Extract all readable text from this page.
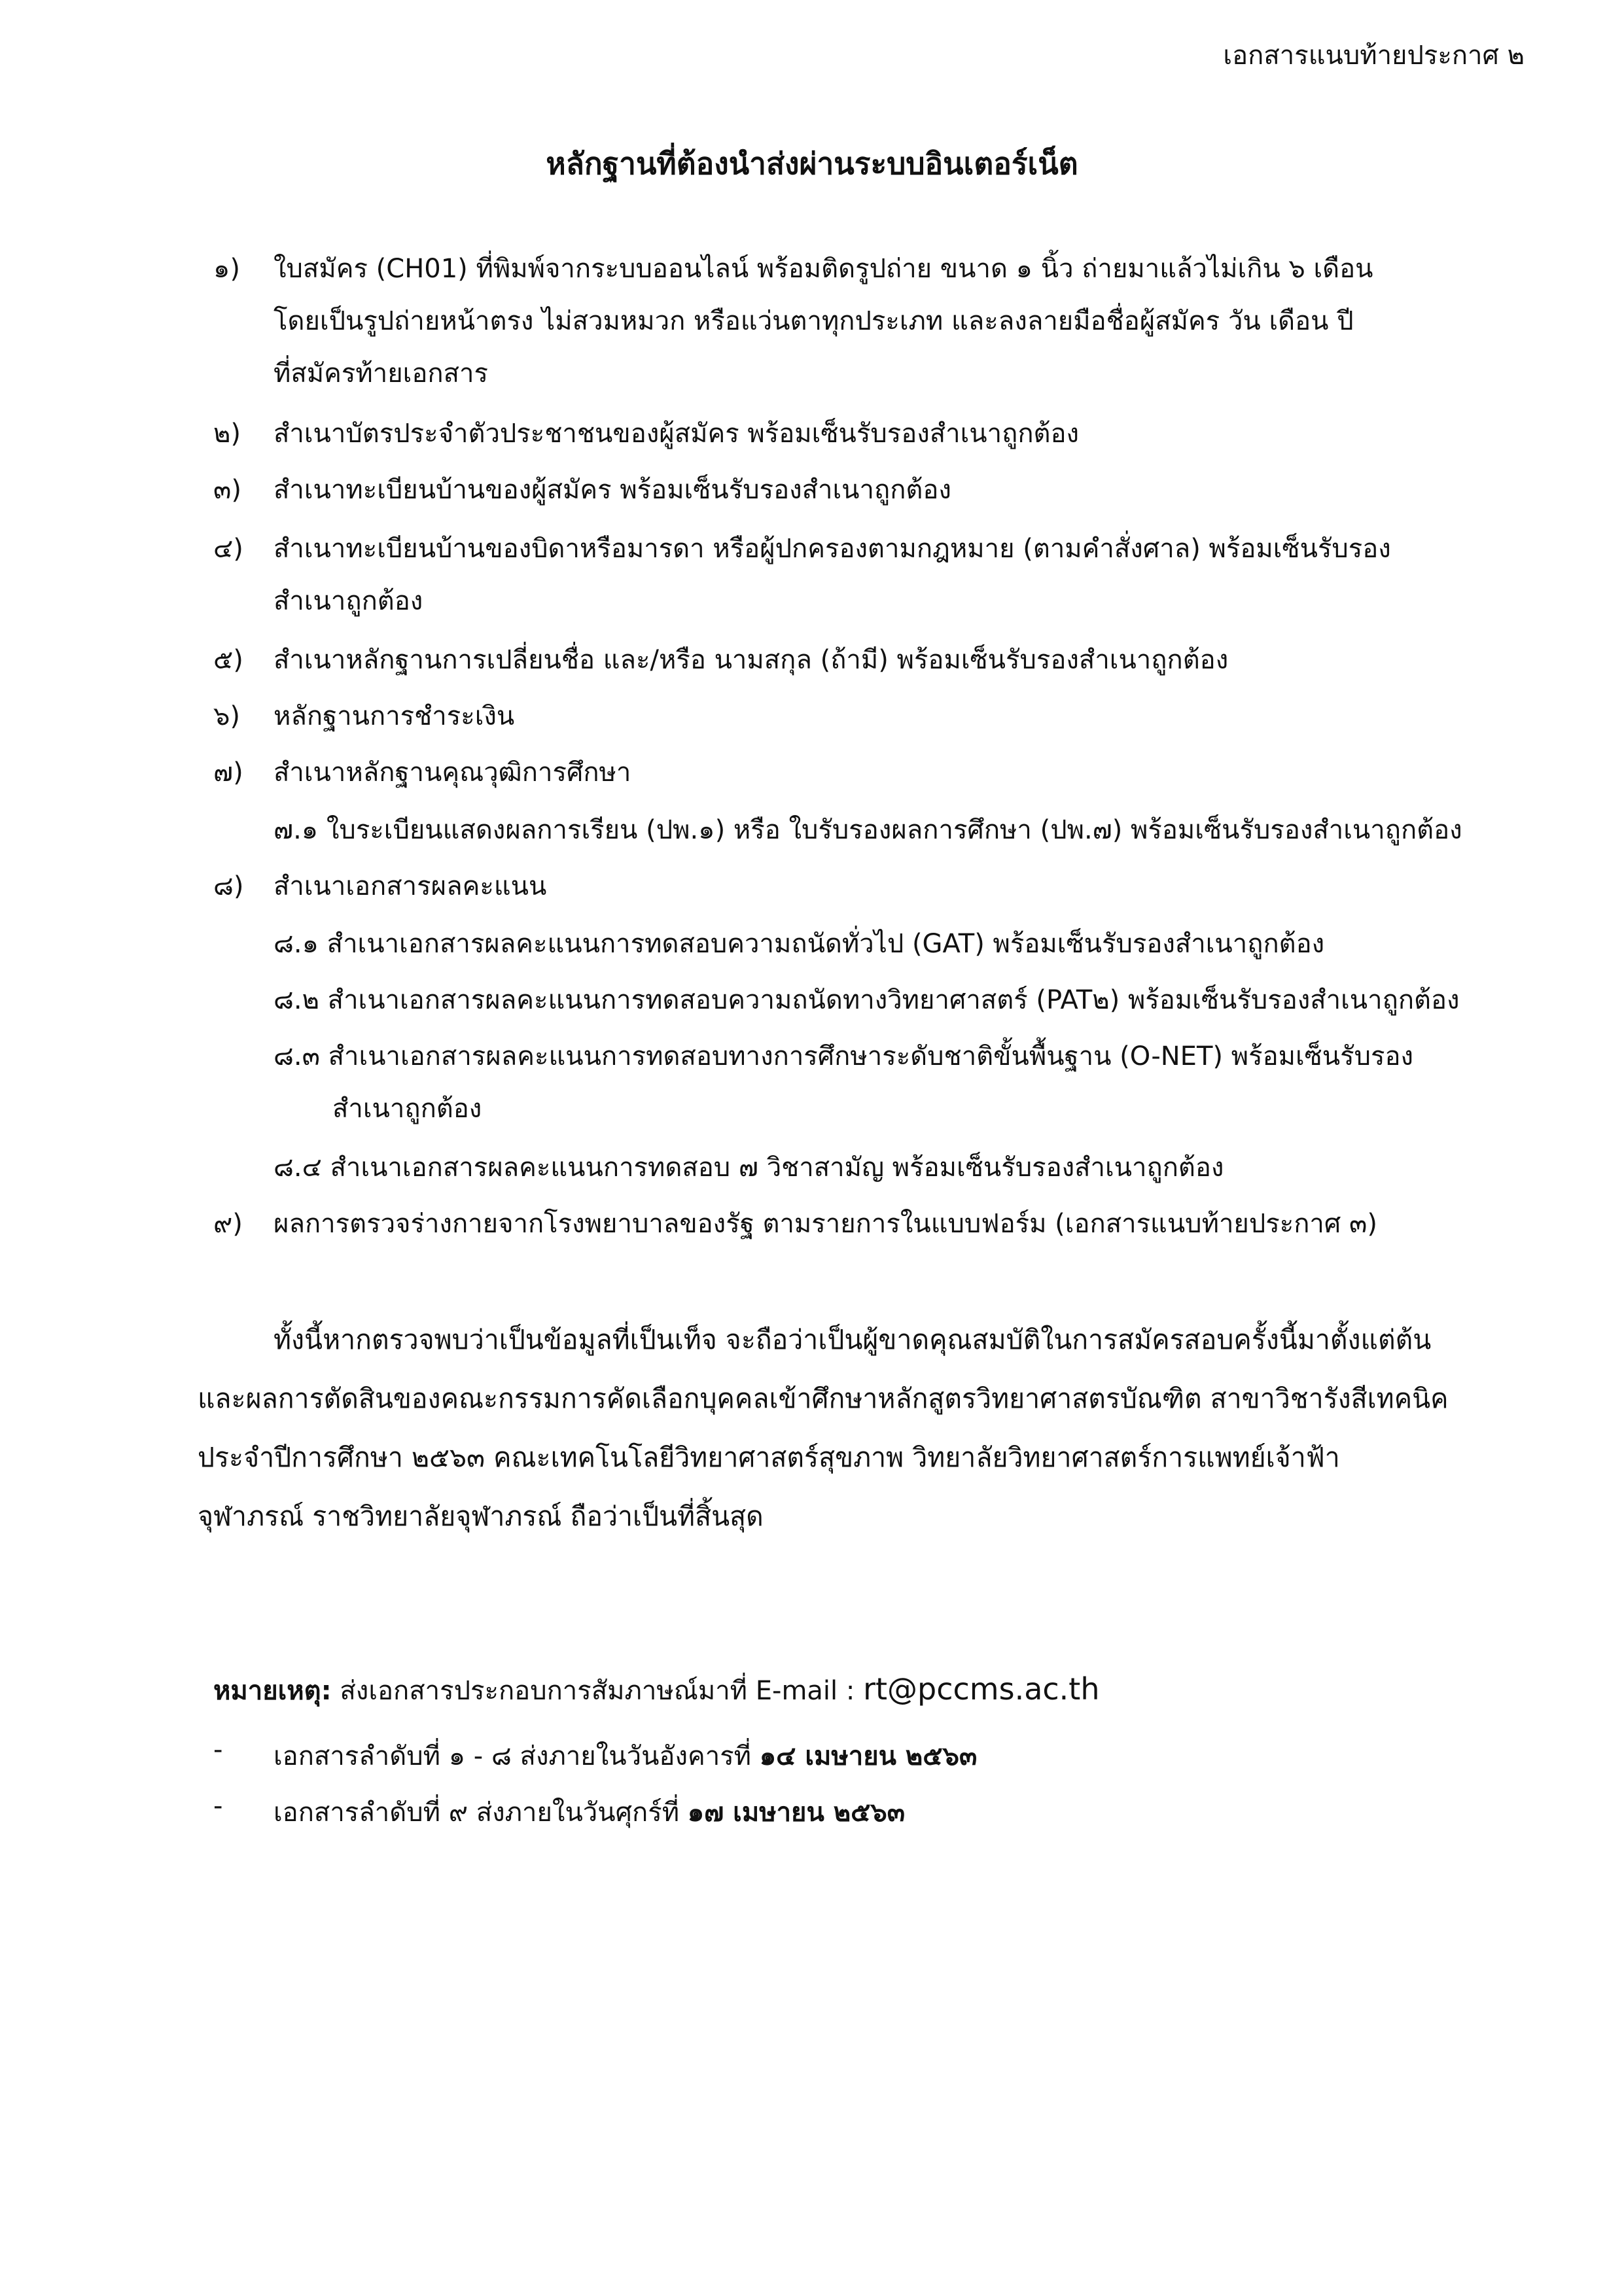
เอกสารแนบท้ายประกาศ ๒
หลักฐานที่ต้องนำส่งผ่านระบบอินเตอร์เน็ต
๑) ใบสมัคร (CH01) ที่พิมพ์จากระบบออนไลน์ พร้อมติดรูปถ่าย ขนาด ๑ นิ้ว ถ่ายมาแล้วไม่เกิน ๖ เดือน
โดยเป็นรูปถ่ายหน้าตรง ไม่สวมหมวก หรือแว่นตาทุกประเภท และลงลายมือชื่อผู้สมัคร วัน เดือน ปี
ที่สมัครท้ายเอกสาร
๒) สำเนาบัตรประจำตัวประชาชนของผู้สมัคร พร้อมเซ็นรับรองสำเนาถูกต้อง
๓) สำเนาทะเบียนบ้านของผู้สมัคร พร้อมเซ็นรับรองสำเนาถูกต้อง
๔) สำเนาทะเบียนบ้านของบิดาหรือมารดา หรือผู้ปกครองตามกฎหมาย (ตามคำสั่งศาล) พร้อมเซ็นรับรอง
สำเนาถูกต้อง
๕) สำเนาหลักฐานการเปลี่ยนชื่อ และ/หรือ นามสกุล (ถ้ามี) พร้อมเซ็นรับรองสำเนาถูกต้อง
๖) หลักฐานการชำระเงิน
๗) สำเนาหลักฐานคุณวุฒิการศึกษา
๗.๑ ใบระเบียนแสดงผลการเรียน (ปพ.๑) หรือ ใบรับรองผลการศึกษา (ปพ.๗) พร้อมเซ็นรับรองสำเนาถูกต้อง
๘) สำเนาเอกสารผลคะแนน
๘.๑ สำเนาเอกสารผลคะแนนการทดสอบความถนัดทั่วไป (GAT) พร้อมเซ็นรับรองสำเนาถูกต้อง
๘.๒ สำเนาเอกสารผลคะแนนการทดสอบความถนัดทางวิทยาศาสตร์ (PAT๒) พร้อมเซ็นรับรองสำเนาถูกต้อง
๘.๓ สำเนาเอกสารผลคะแนนการทดสอบทางการศึกษาระดับชาติขั้นพื้นฐาน (O-NET) พร้อมเซ็นรับรอง
สำเนาถูกต้อง
๘.๔ สำเนาเอกสารผลคะแนนการทดสอบ ๗ วิชาสามัญ พร้อมเซ็นรับรองสำเนาถูกต้อง
๙) ผลการตรวจร่างกายจากโรงพยาบาลของรัฐ ตามรายการในแบบฟอร์ม (เอกสารแนบท้ายประกาศ ๓)
ทั้งนี้หากตรวจพบว่าเป็นข้อมูลที่เป็นเท็จ จะถือว่าเป็นผู้ขาดคุณสมบัติในการสมัครสอบครั้งนี้มาตั้งแต่ต้น
และผลการตัดสินของคณะกรรมการคัดเลือกบุคคลเข้าศึกษาหลักสูตรวิทยาศาสตรบัณฑิต สาขาวิชารังสีเทคนิค
ประจำปีการศึกษา ๒๕๖๓ คณะเทคโนโลยีวิทยาศาสตร์สุขภาพ วิทยาลัยวิทยาศาสตร์การแพทย์เจ้าฟ้า
จุฬาภรณ์ ราชวิทยาลัยจุฬาภรณ์ ถือว่าเป็นที่สิ้นสุด
หมายเหตุ: ส่งเอกสารประกอบการสัมภาษณ์มาที่ E-mail : rt@pccms.ac.th
- เอกสารลำดับที่ ๑ - ๘ ส่งภายในวันอังคารที่ ๑๔ เมษายน ๒๕๖๓
- เอกสารลำดับที่ ๙ ส่งภายในวันศุกร์ที่ ๑๗ เมษายน ๒๕๖๓
